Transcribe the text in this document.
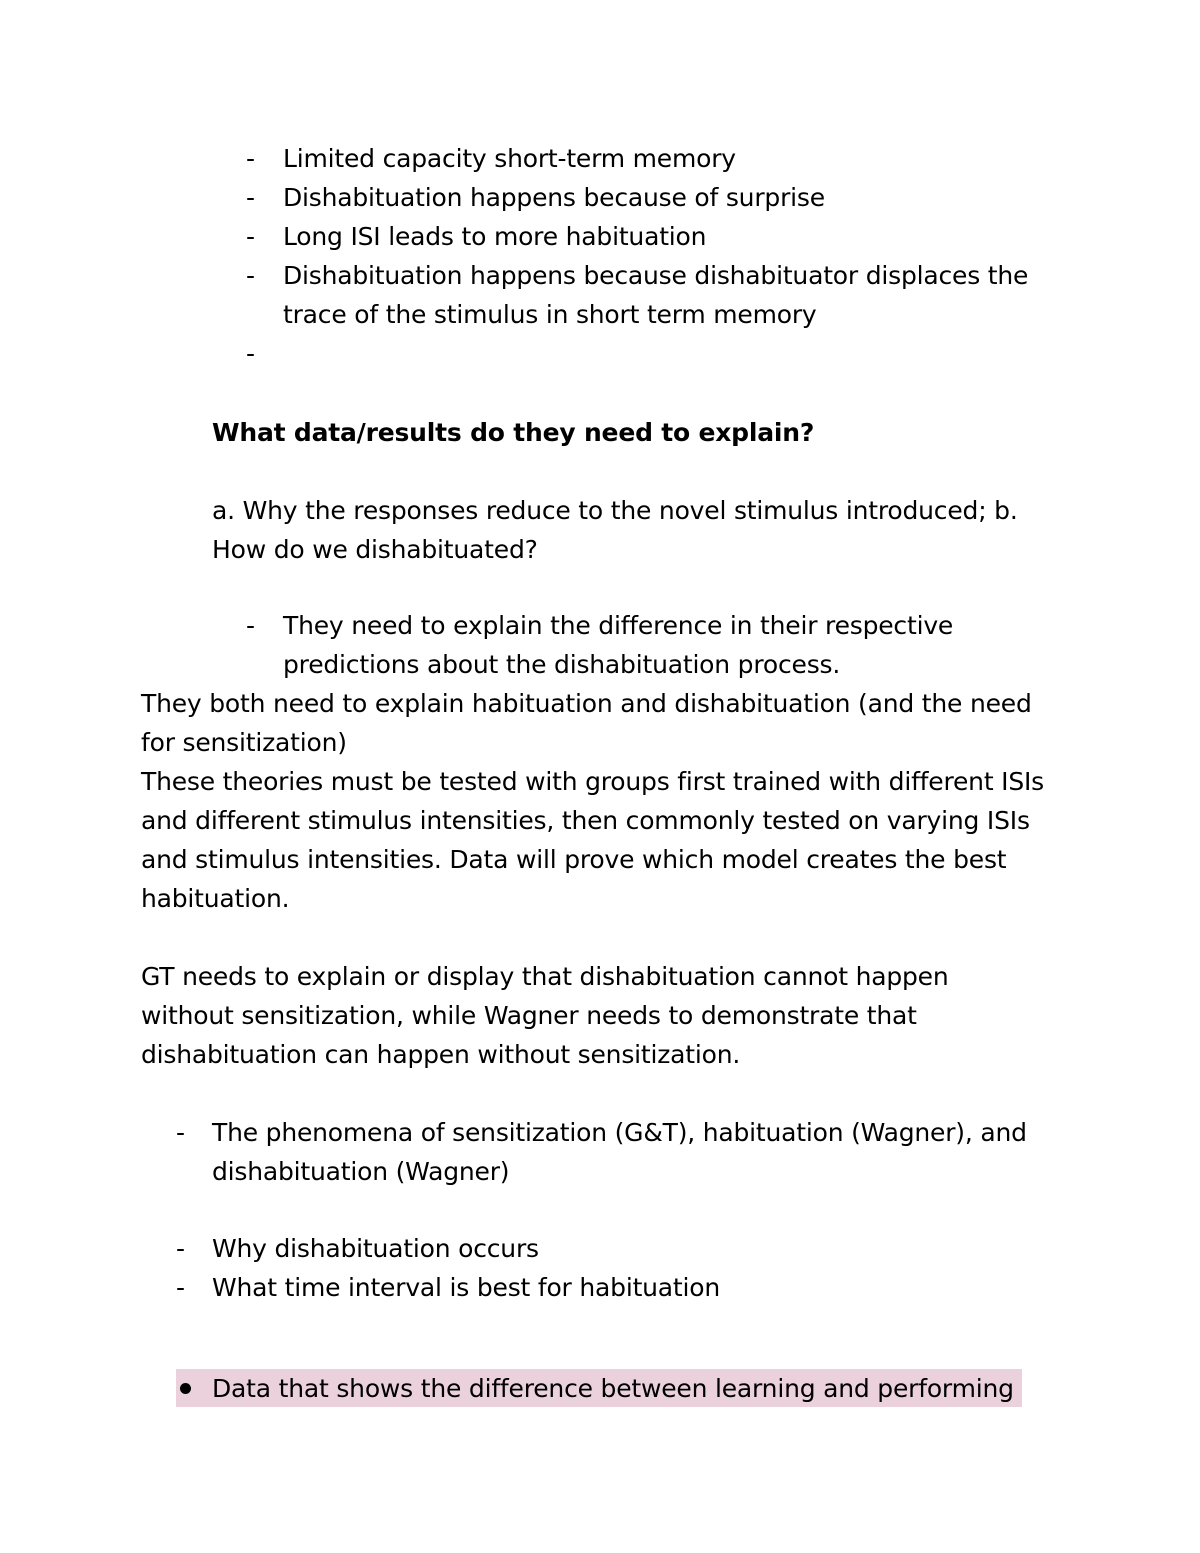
- Limited capacity short-term memory
- Dishabituation happens because of surprise
- Long ISI leads to more habituation
- Dishabituation happens because dishabituator displaces the
trace of the stimulus in short term memory
-
What data/results do they need to explain?
a. Why the responses reduce to the novel stimulus introduced; b.
How do we dishabituated?
- They need to explain the difference in their respective
predictions about the dishabituation process.
They both need to explain habituation and dishabituation (and the need
for sensitization)
These theories must be tested with groups first trained with different ISIs
and different stimulus intensities, then commonly tested on varying ISIs
and stimulus intensities. Data will prove which model creates the best
habituation.
GT needs to explain or display that dishabituation cannot happen
without sensitization, while Wagner needs to demonstrate that
dishabituation can happen without sensitization.
- The phenomena of sensitization (G&T), habituation (Wagner), and
dishabituation (Wagner)
- Why dishabituation occurs
- What time interval is best for habituation
Data that shows the difference between learning and performing
